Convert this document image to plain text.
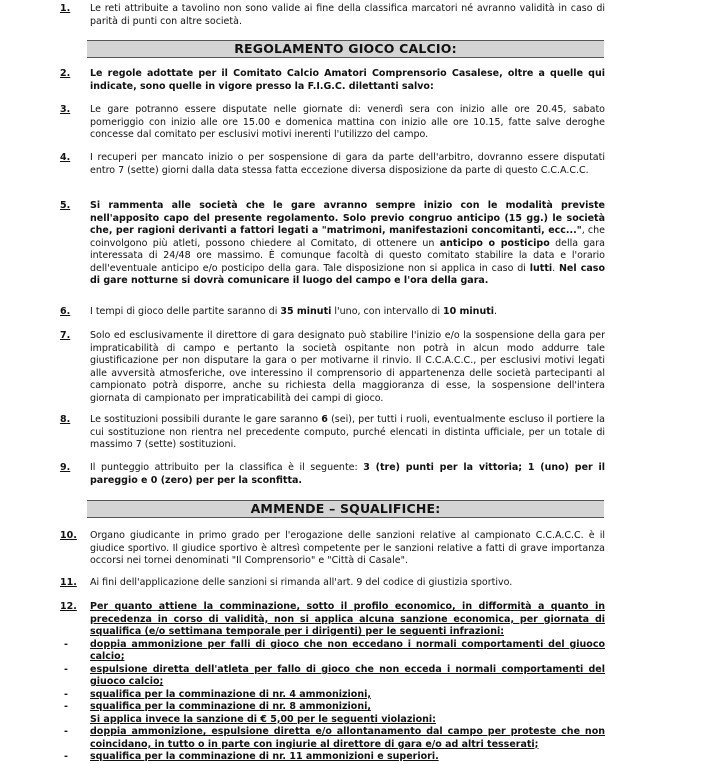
1.	Le reti attribuite a tavolino non sono valide ai fine della classifica marcatori né avranno validità in caso di parità di punti con altre società.
REGOLAMENTO GIOCO CALCIO:
2.	Le regole adottate per il Comitato Calcio Amatori Comprensorio Casalese, oltre a quelle qui indicate, sono quelle in vigore presso la F.I.G.C. dilettanti salvo:
3.	Le gare potranno essere disputate nelle giornate di: venerdì sera con inizio alle ore 20.45, sabato pomeriggio con inizio alle ore 15.00 e domenica mattina con inizio alle ore 10.15, fatte salve deroghe concesse dal comitato per esclusivi motivi inerenti l'utilizzo del campo.
4.	I recuperi per mancato inizio o per sospensione di gara da parte dell'arbitro, dovranno essere disputati entro 7 (sette) giorni dalla data stessa fatta eccezione diversa disposizione da parte di questo C.C.A.C.C.
5.	Si rammenta alle società che le gare avranno sempre inizio con le modalità previste nell'apposito capo del presente regolamento. Solo previo congruo anticipo (15 gg.) le società che, per ragioni derivanti a fattori legati a "matrimoni, manifestazioni concomitanti, ecc...", che coinvolgono più atleti, possono chiedere al Comitato, di ottenere un anticipo o posticipo della gara interessata di 24/48 ore massimo. È comunque facoltà di questo comitato stabilire la data e l'orario dell'eventuale anticipo e/o posticipo della gara. Tale disposizione non si applica in caso di lutti. Nel caso di gare notturne si dovrà comunicare il luogo del campo e l'ora della gara.
6.	I tempi di gioco delle partite saranno di 35 minuti l'uno, con intervallo di 10 minuti.
7.	Solo ed esclusivamente il direttore di gara designato può stabilire l'inizio e/o la sospensione della gara per impraticabilità di campo e pertanto la società ospitante non potrà in alcun modo addurre tale giustificazione per non disputare la gara o per motivarne il rinvio. Il C.C.A.C.C., per esclusivi motivi legati alle avversità atmosferiche, ove interessino il comprensorio di appartenenza delle società partecipanti al campionato potrà disporre, anche su richiesta della maggioranza di esse, la sospensione dell'intera giornata di campionato per impraticabilità dei campi di gioco.
8.	Le sostituzioni possibili durante le gare saranno 6 (sei), per tutti i ruoli, eventualmente escluso il portiere la cui sostituzione non rientra nel precedente computo, purché elencati in distinta ufficiale, per un totale di massimo 7 (sette) sostituzioni.
9.	Il punteggio attribuito per la classifica è il seguente: 3 (tre) punti per la vittoria; 1 (uno) per il pareggio e 0 (zero) per per la sconfitta.
AMMENDE – SQUALIFICHE:
10.	Organo giudicante in primo grado per l'erogazione delle sanzioni relative al campionato C.C.A.C.C. è il giudice sportivo. Il giudice sportivo è altresì competente per le sanzioni relative a fatti di grave importanza occorsi nei tornei denominati "Il Comprensorio" e "Città di Casale".
11.	Ai fini dell'applicazione delle sanzioni si rimanda all'art. 9 del codice di giustizia sportivo.
12.	Per quanto attiene la comminazione, sotto il profilo economico, in difformità a quanto in precedenza in corso di validità, non si applica alcuna sanzione economica, per giornata di squalifica (e/o settimana temporale per i dirigenti) per le seguenti infrazioni:
- doppia ammonizione per falli di gioco che non eccedano i normali comportamenti del giuoco calcio;
- espulsione diretta dell'atleta per fallo di gioco che non ecceda i normali comportamenti del giuoco calcio;
- squalifica per la comminazione di nr. 4 ammonizioni,
- squalifica per la comminazione di nr. 8 ammonizioni,
Si applica invece la sanzione di € 5,00 per le seguenti violazioni:
- doppia ammonizione, espulsione diretta e/o allontanamento dal campo per proteste che non coincidano, in tutto o in parte con ingiurie al direttore di gara e/o ad altri tesserati;
- squalifica per la comminazione di nr. 11 ammonizioni e superiori.
